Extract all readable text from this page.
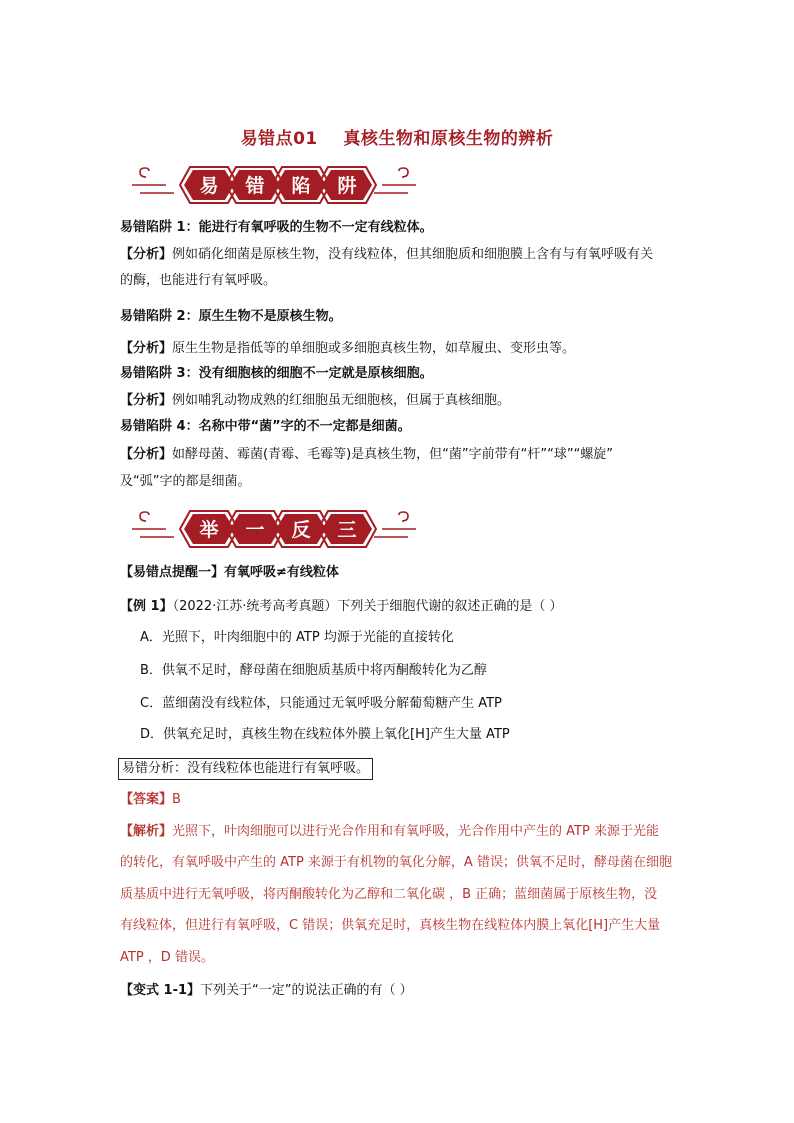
易错点01    真核生物和原核生物的辨析
易 错 陷 阱
易错陷阱 1：能进行有氧呼吸的生物不一定有线粒体。
【分析】例如硝化细菌是原核生物，没有线粒体，但其细胞质和细胞膜上含有与有氧呼吸有关
的酶，也能进行有氧呼吸。
易错陷阱 2：原生生物不是原核生物。
【分析】原生生物是指低等的单细胞或多细胞真核生物，如草履虫、变形虫等。
易错陷阱 3：没有细胞核的细胞不一定就是原核细胞。
【分析】例如哺乳动物成熟的红细胞虽无细胞核，但属于真核细胞。
易错陷阱 4：名称中带“菌”字的不一定都是细菌。
【分析】如酵母菌、霉菌(青霉、毛霉等)是真核生物，但“菌”字前带有“杆”“球”“螺旋”
及“弧”字的都是细菌。
举 一 反 三
【易错点提醒一】有氧呼吸≠有线粒体
【例 1】（2022·江苏·统考高考真题）下列关于细胞代谢的叙述正确的是（ ）
A．光照下，叶肉细胞中的 ATP 均源于光能的直接转化
B．供氧不足时，酵母菌在细胞质基质中将丙酮酸转化为乙醇
C．蓝细菌没有线粒体，只能通过无氧呼吸分解葡萄糖产生 ATP
D．供氧充足时，真核生物在线粒体外膜上氧化[H]产生大量 ATP
易错分析：没有线粒体也能进行有氧呼吸。
【答案】B
【解析】光照下，叶肉细胞可以进行光合作用和有氧呼吸，光合作用中产生的 ATP 来源于光能
的转化，有氧呼吸中产生的 ATP 来源于有机物的氧化分解，A 错误；供氧不足时，酵母菌在细胞
质基质中进行无氧呼吸，将丙酮酸转化为乙醇和二氧化碳 ，B 正确；蓝细菌属于原核生物，没
有线粒体，但进行有氧呼吸，C 错误；供氧充足时，真核生物在线粒体内膜上氧化[H]产生大量
ATP ，D 错误。
【变式 1-1】下列关于“一定”的说法正确的有（ ）
